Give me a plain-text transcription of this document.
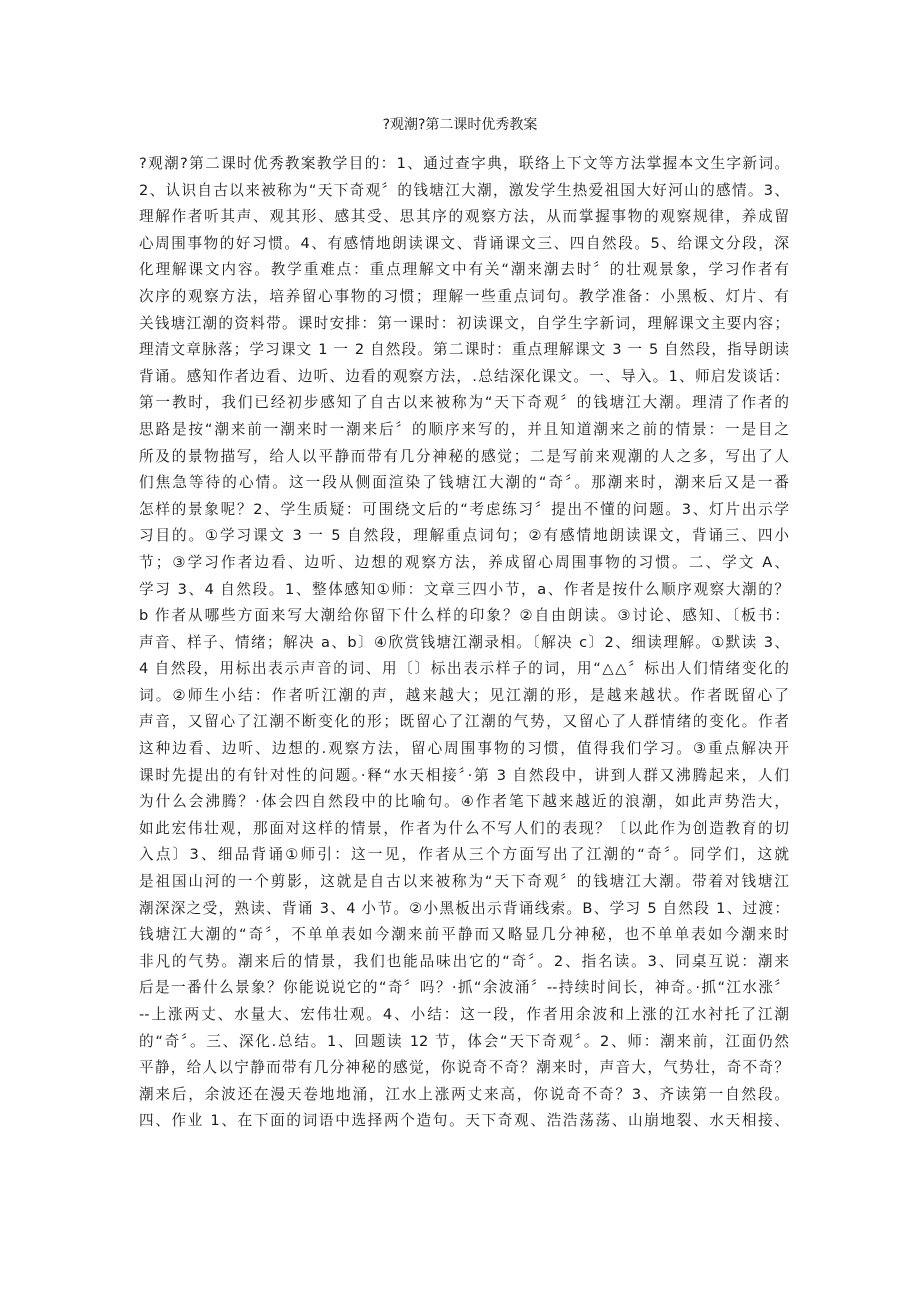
?观潮?第二课时优秀教案
?观潮?第二课时优秀教案教学目的：1、通过查字典，联络上下文等方法掌握本文生字新词。
2、认识自古以来被称为“天下奇观〞的钱塘江大潮，激发学生热爱祖国大好河山的感情。3、
理解作者听其声、观其形、感其受、思其序的观察方法，从而掌握事物的观察规律，养成留
心周围事物的好习惯。4、有感情地朗读课文、背诵课文三、四自然段。5、给课文分段，深
化理解课文内容。教学重难点：重点理解文中有关“潮来潮去时〞的壮观景象，学习作者有
次序的观察方法，培养留心事物的习惯；理解一些重点词句。教学准备：小黑板、灯片、有
关钱塘江潮的资料带。课时安排：第一课时：初读课文，自学生字新词，理解课文主要内容；
理清文章脉落；学习课文 1 一 2 自然段。第二课时：重点理解课文 3 一 5 自然段，指导朗读
背诵。感知作者边看、边听、边看的观察方法，.总结深化课文。一、导入。1、师启发谈话：
第一教时，我们已经初步感知了自古以来被称为“天下奇观〞的钱塘江大潮。理清了作者的
思路是按“潮来前一潮来时一潮来后〞的顺序来写的，并且知道潮来之前的情景：一是目之
所及的景物描写，给人以平静而带有几分神秘的感觉；二是写前来观潮的人之多，写出了人
们焦急等待的心情。这一段从侧面渲染了钱塘江大潮的“奇〞。那潮来时，潮来后又是一番
怎样的景象呢？2、学生质疑：可围绕文后的“考虑练习〞提出不懂的问题。3、灯片出示学
习目的。①学习课文 3 一 5 自然段，理解重点词句；②有感情地朗读课文，背诵三、四小
节；③学习作者边看、边听、边想的观察方法，养成留心周围事物的习惯。二、学文 A、
学习 3、4 自然段。1、整体感知①师：文章三四小节，a、作者是按什么顺序观察大潮的？
b 作者从哪些方面来写大潮给你留下什么样的印象？②自由朗读。③讨论、感知、〔板书：
声音、样子、情绪；解决 a、b〕④欣赏钱塘江潮录相。〔解决 c〕2、细读理解。①默读 3、
4 自然段，用标出表示声音的词、用〔〕标出表示样子的词，用“△△〞标出人们情绪变化的
词。②师生小结：作者听江潮的声，越来越大；见江潮的形，是越来越状。作者既留心了
声音，又留心了江潮不断变化的形；既留心了江潮的气势，又留心了人群情绪的变化。作者
这种边看、边听、边想的.观察方法，留心周围事物的习惯，值得我们学习。③重点解决开
课时先提出的有针对性的问题。·释“水天相接〞·第 3 自然段中，讲到人群又沸腾起来，人们
为什么会沸腾？·体会四自然段中的比喻句。④作者笔下越来越近的浪潮，如此声势浩大，
如此宏伟壮观，那面对这样的情景，作者为什么不写人们的表现？〔以此作为创造教育的切
入点〕3、细品背诵①师引：这一见，作者从三个方面写出了江潮的“奇〞。同学们，这就
是祖国山河的一个剪影，这就是自古以来被称为“天下奇观〞的钱塘江大潮。带着对钱塘江
潮深深之受，熟读、背诵 3、4 小节。②小黑板出示背诵线索。B、学习 5 自然段 1、过渡：
钱塘江大潮的“奇〞，不单单表如今潮来前平静而又略显几分神秘，也不单单表如今潮来时
非凡的气势。潮来后的情景，我们也能品味出它的“奇〞。2、指名读。3、同桌互说：潮来
后是一番什么景象？你能说说它的“奇〞吗？·抓“余波涌〞--持续时间长，神奇。·抓“江水涨〞
--上涨两丈、水量大、宏伟壮观。4、小结：这一段，作者用余波和上涨的江水衬托了江潮
的“奇〞。三、深化.总结。1、回题读 12 节，体会“天下奇观〞。2、师：潮来前，江面仍然
平静，给人以宁静而带有几分神秘的感觉，你说奇不奇？潮来时，声音大，气势壮，奇不奇？
潮来后，余波还在漫天卷地地涌，江水上涨两丈来高，你说奇不奇？3、齐读第一自然段。
四、作业 1、在下面的词语中选择两个造句。天下奇观、浩浩荡荡、山崩地裂、水天相接、
